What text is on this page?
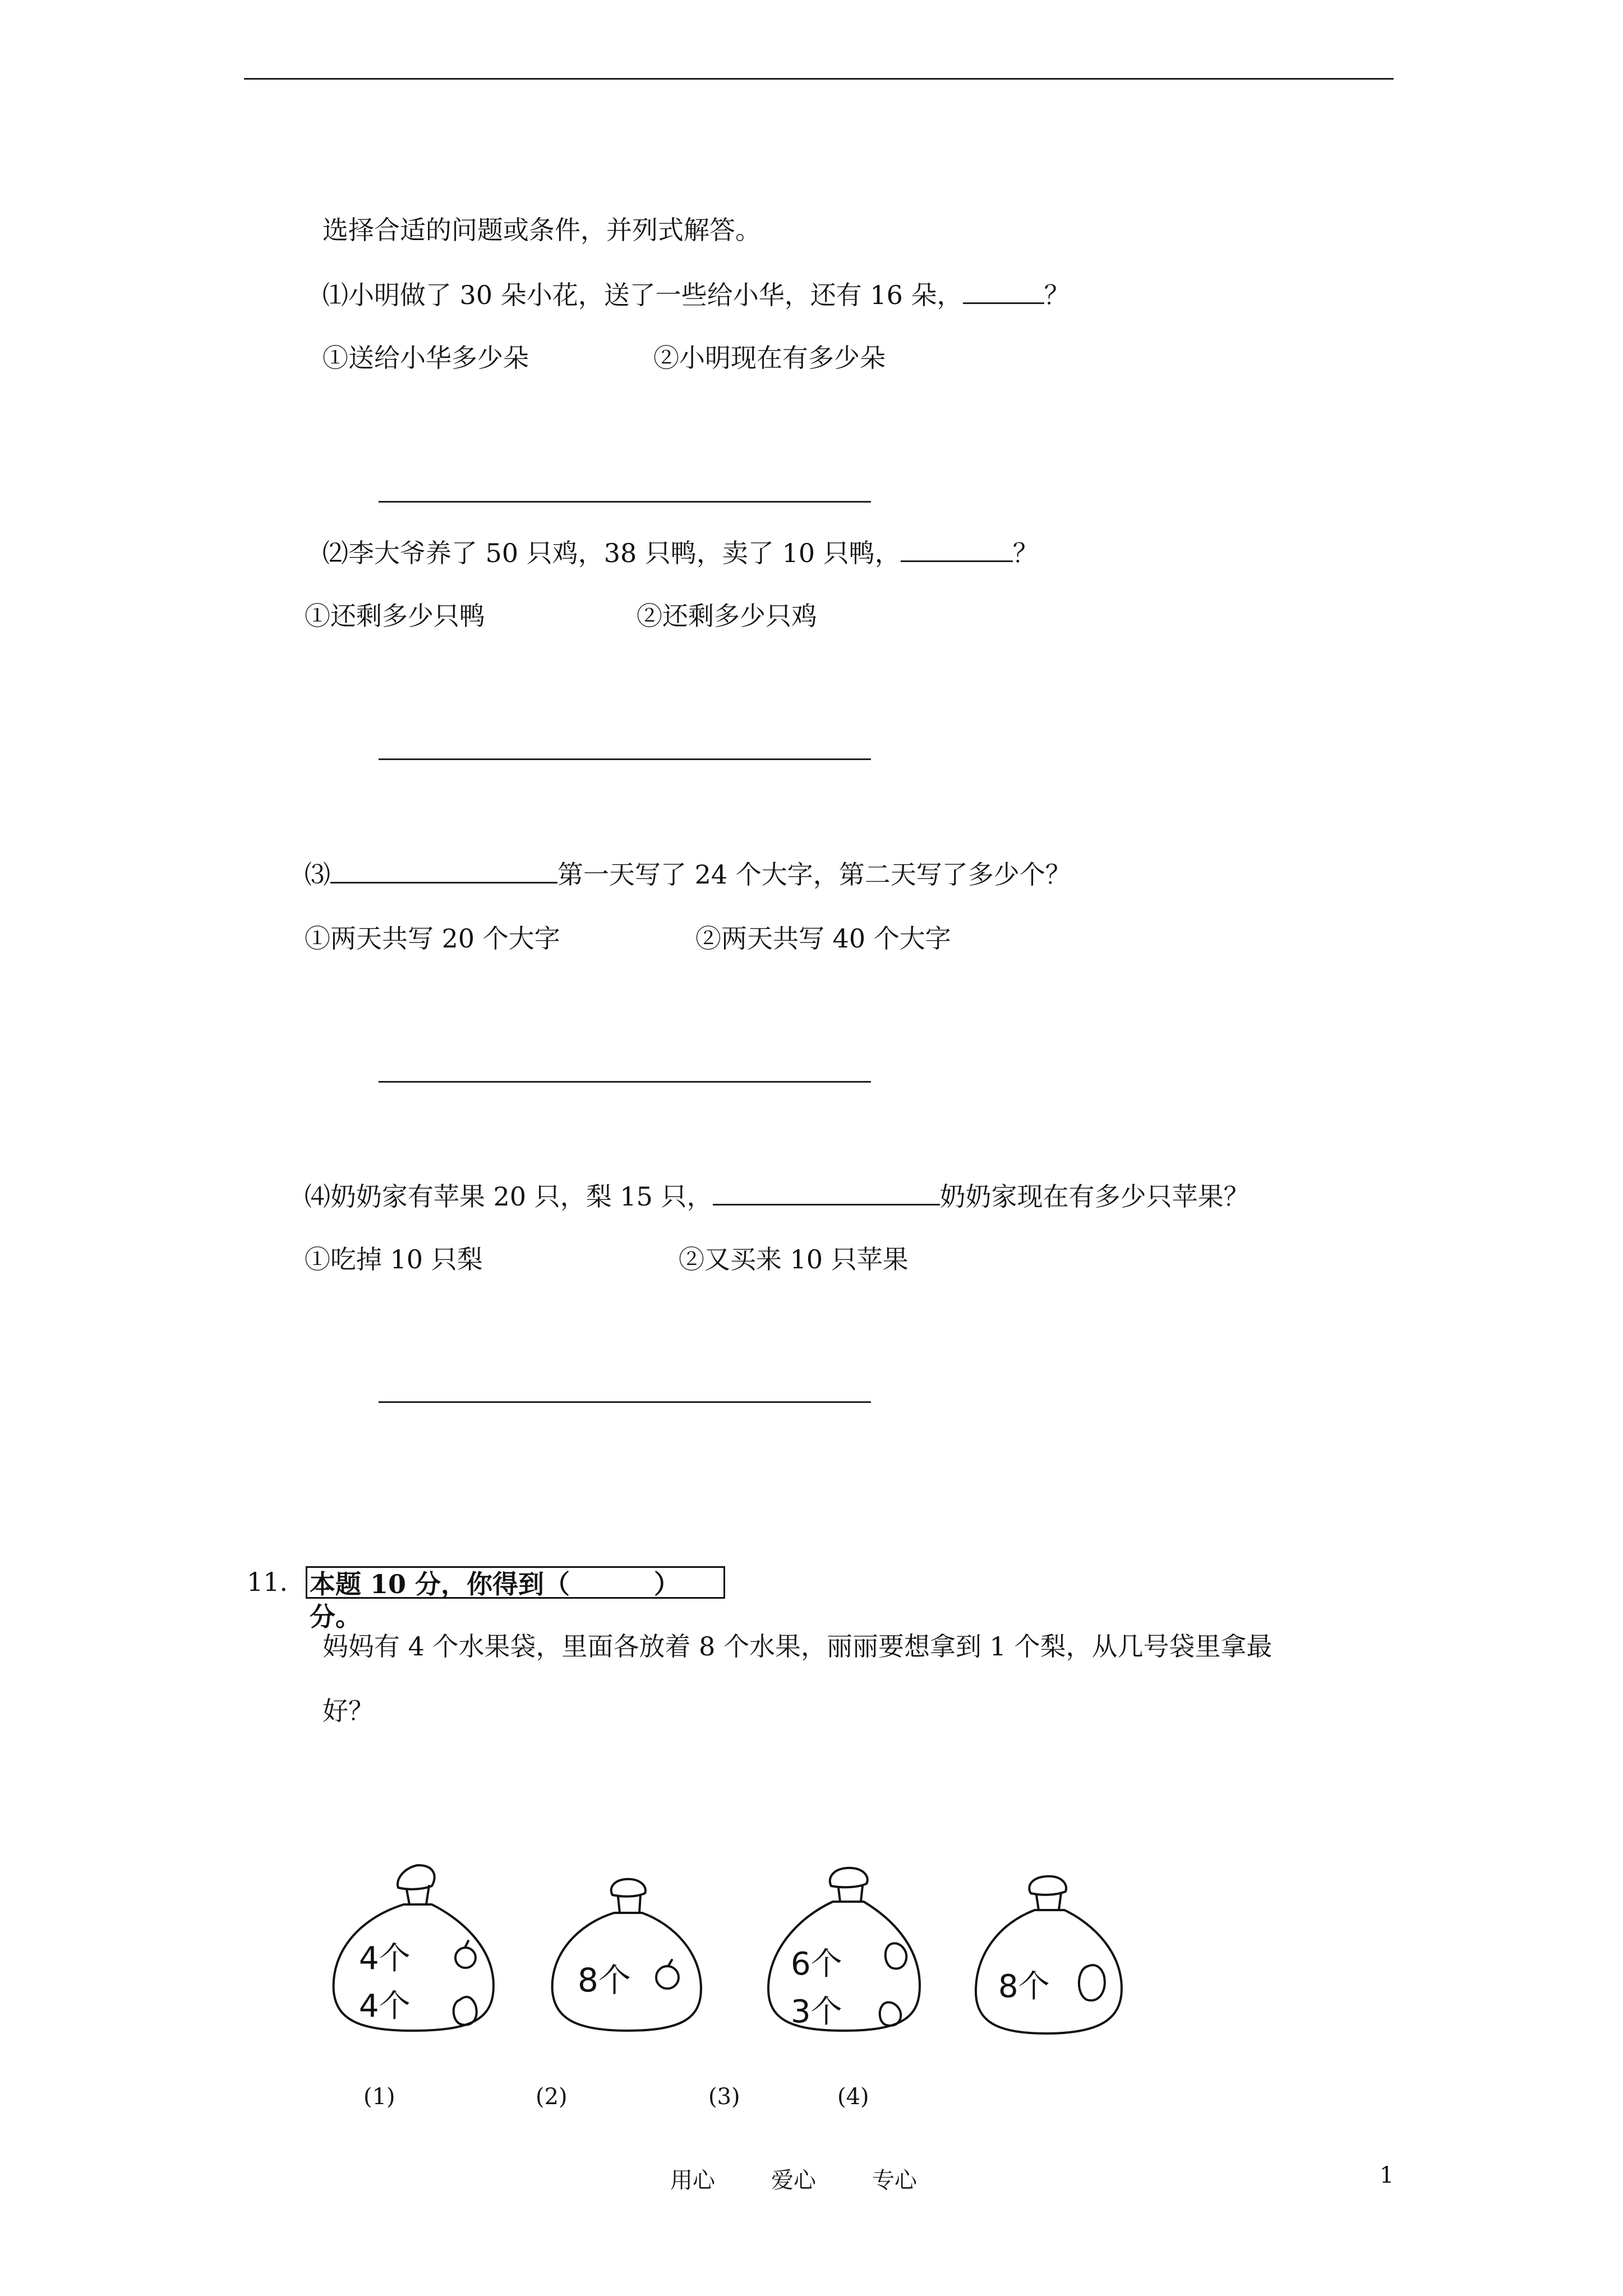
选择合适的问题或条件，并列式解答。
⑴小明做了 30 朵小花，送了一些给小华，还有 16 朵，	？
①送给小华多少朵	②小明现在有多少朵
⑵李大爷养了 50 只鸡，38 只鸭，卖了 10 只鸭，	？
①还剩多少只鸭	②还剩多少只鸡
⑶	第一天写了 24 个大字，第二天写了多少个？
①两天共写 20 个大字	②两天共写 40 个大字
⑷奶奶家有苹果 20 只，梨 15 只，	奶奶家现在有多少只苹果？
①吃掉 10 只梨	②又买来 10 只苹果
11. 本题 10 分，你得到（	）分。
妈妈有 4 个水果袋，里面各放着 8 个水果，丽丽要想拿到 1 个梨，从几号袋里拿最
好？
4个
4个
8个	6个
3个
8个
(1)	(2)	(3)	(4)
用心	爱心	专心	1
